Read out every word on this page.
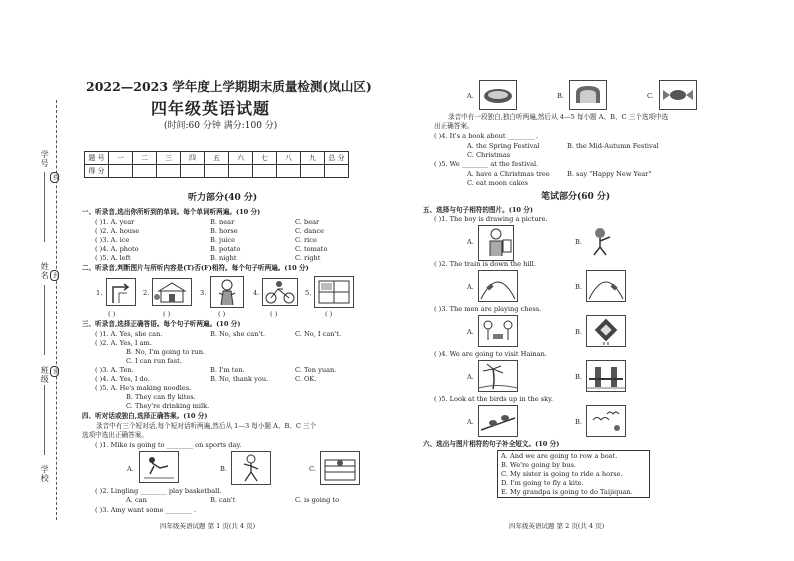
学号
姓名
班级
学校
线
封
密
2022—2023 学年度上学期期末质量检测(岚山区)
四年级英语试题
(时间:60 分钟 满分:100 分)
题 号	一	二	三	四	五	六	七	八	九	总 分
得 分										
听力部分(40 分)
一、听录音,选出你所听到的单词。每个单词听两遍。(10 分)
( )1. A. year	B. near	C. bear
( )2. A. house	B. horse	C. dance
( )3. A. ice	B. juice	C. rice
( )4. A. photo	B. potato	C. tomato
( )5. A. left	B. night	C. right
二、听录音,判断图片与所听内容是(T)否(F)相符。每个句子听两遍。(10 分)
1.	2.	3.	4.	5.
( )	( )	( )	( )	( )
三、听录音,选择正确答语。每个句子听两遍。(10 分)
( )1. A. Yes, she can.	B. No, she can't.	C. No, I can't.
( )2. A. Yes, I am.
B. No, I'm going to run.
C. I can run fast.
( )3. A. Ten.	B. I'm ten.	C. Ten yuan.
( )4. A. Yes, I do.	B. No, thank you.	C. OK.
( )5. A. He's making noodles.
B. They can fly kites.
C. They're drinking milk.
四、听对话或独白,选择正确答案。(10 分)
录音中有三个短对话,每个短对话听两遍,然后从 1—3 每小题 A、B、C 三个
选项中选出正确答案。
( )1. Mike is going to ________ on sports day.
A.	B.	C.
( )2. Lingling ________ play basketball.
A. can	B. can't	C. is going to
( )3. Amy want some ________ .
四年级英语试题 第 1 页(共 4 页)
A.	B.	C.
录音中有一段独白,独白听两遍,然后从 4—5 每小题 A、B、C 三个选项中选
出正确答案。
( )4. It's a book about ________ .
A. the Spring Festival	B. the Mid-Autumn Festival
C. Christmas
( )5. We ________ at the festival.
A. have a Christmas tree	B. say "Happy New Year"
C. eat moon cakes
笔试部分(60 分)
五、选择与句子相符的图片。(10 分)
( )1. The boy is drawing a picture.
A.	B.
( )2. The train is down the hill.
A.	B.
( )3. The men are playing chess.
A.	B.
( )4. We are going to visit Hainan.
A.	B.
( )5. Look at the birds up in the sky.
A.	B.
六、选出与图片相符的句子补全短文。(10 分)
A. And we are going to row a boat.
B. We're going by bus.
C. My sister is going to ride a horse.
D. I'm going to fly a kite.
E. My grandpa is going to do Taijiquan.
四年级英语试题 第 2 页(共 4 页)
